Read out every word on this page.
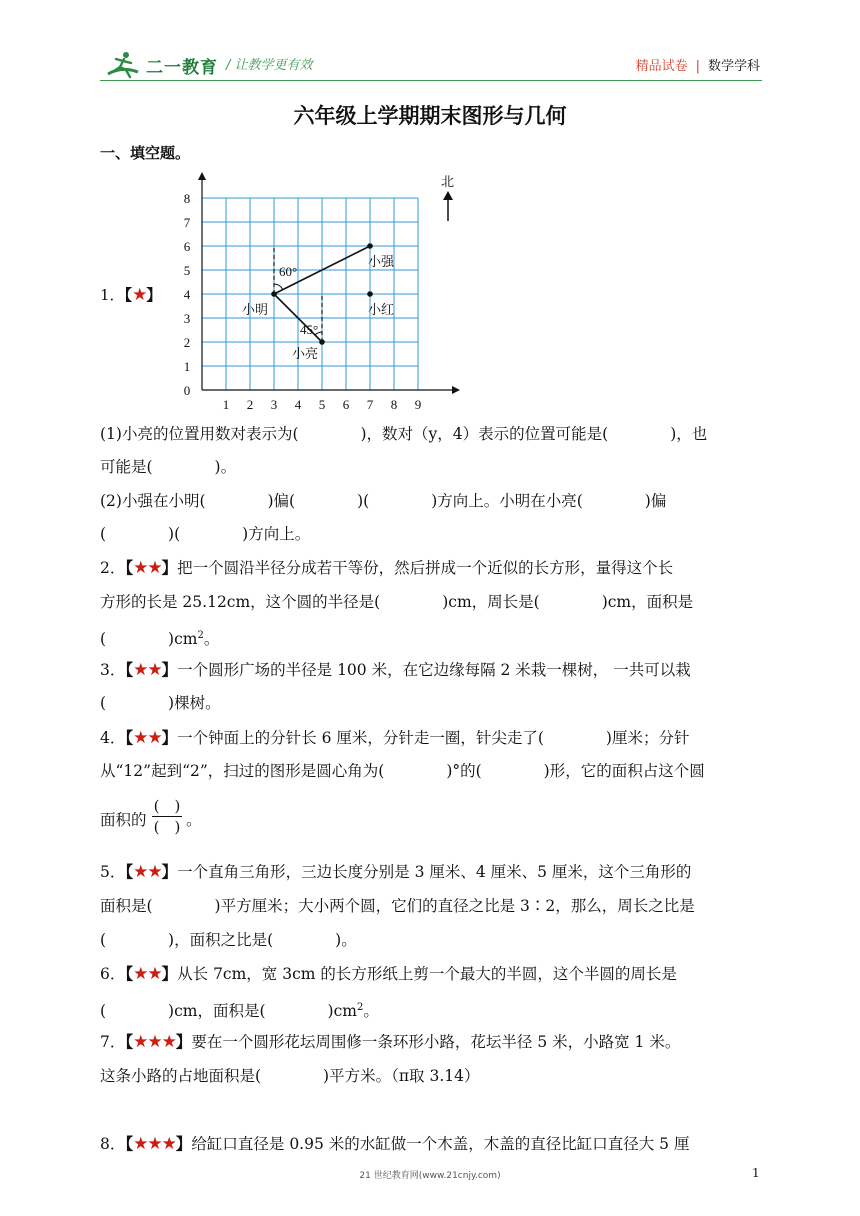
二一教育 / 让教学更有效	精品试卷 | 数学学科
六年级上学期期末图形与几何
一、填空题。
1．【★】
0
1
2
3
4
5
6
7
8
1 2 3 4 5 6 7 8 9
小明
小强
小亮
小红
60°
45°
北
(1)小亮的位置用数对表示为(　　　　)，数对（y，4）表示的位置可能是(　　　　)，也
可能是(　　　　)。
(2)小强在小明(　　　　)偏(　　　　)(　　　　)方向上。小明在小亮(　　　　)偏
(　　　　)(　　　　)方向上。
2．【★★】把一个圆沿半径分成若干等份，然后拼成一个近似的长方形，量得这个长
方形的长是 25.12cm，这个圆的半径是(　　　　)cm，周长是(　　　　)cm，面积是
(　　　　)$cm^2$。
3．【★★】一个圆形广场的半径是 100 米，在它边缘每隔 2 米栽一棵树， 一共可以栽
(　　　　)棵树。
4．【★★】一个钟面上的分针长 6 厘米，分针走一圈，针尖走了(　　　　)厘米；分针
从“12”起到“2”，扫过的图形是圆心角为(　　　　)°的(　　　　)形，它的面积占这个圆
面积的
(　)
(　) 。
5．【★★】一个直角三角形，三边长度分别是 3 厘米、4 厘米、5 厘米，这个三角形的
面积是(　　　　)平方厘米；大小两个圆，它们的直径之比是 3∶2，那么，周长之比是
(　　　　)，面积之比是(　　　　)。
6．【★★】从长 7cm，宽 3cm 的长方形纸上剪一个最大的半圆，这个半圆的周长是
(　　　　)cm，面积是(　　　　)$cm^2$。
7．【★★★】要在一个圆形花坛周围修一条环形小路，花坛半径 5 米，小路宽 1 米。
这条小路的占地面积是(　　　　)平方米。（π取 3.14）
8．【★★★】给缸口直径是 0.95 米的水缸做一个木盖，木盖的直径比缸口直径大 5 厘
21 世纪教育网(www.21cnjy.com)	1
